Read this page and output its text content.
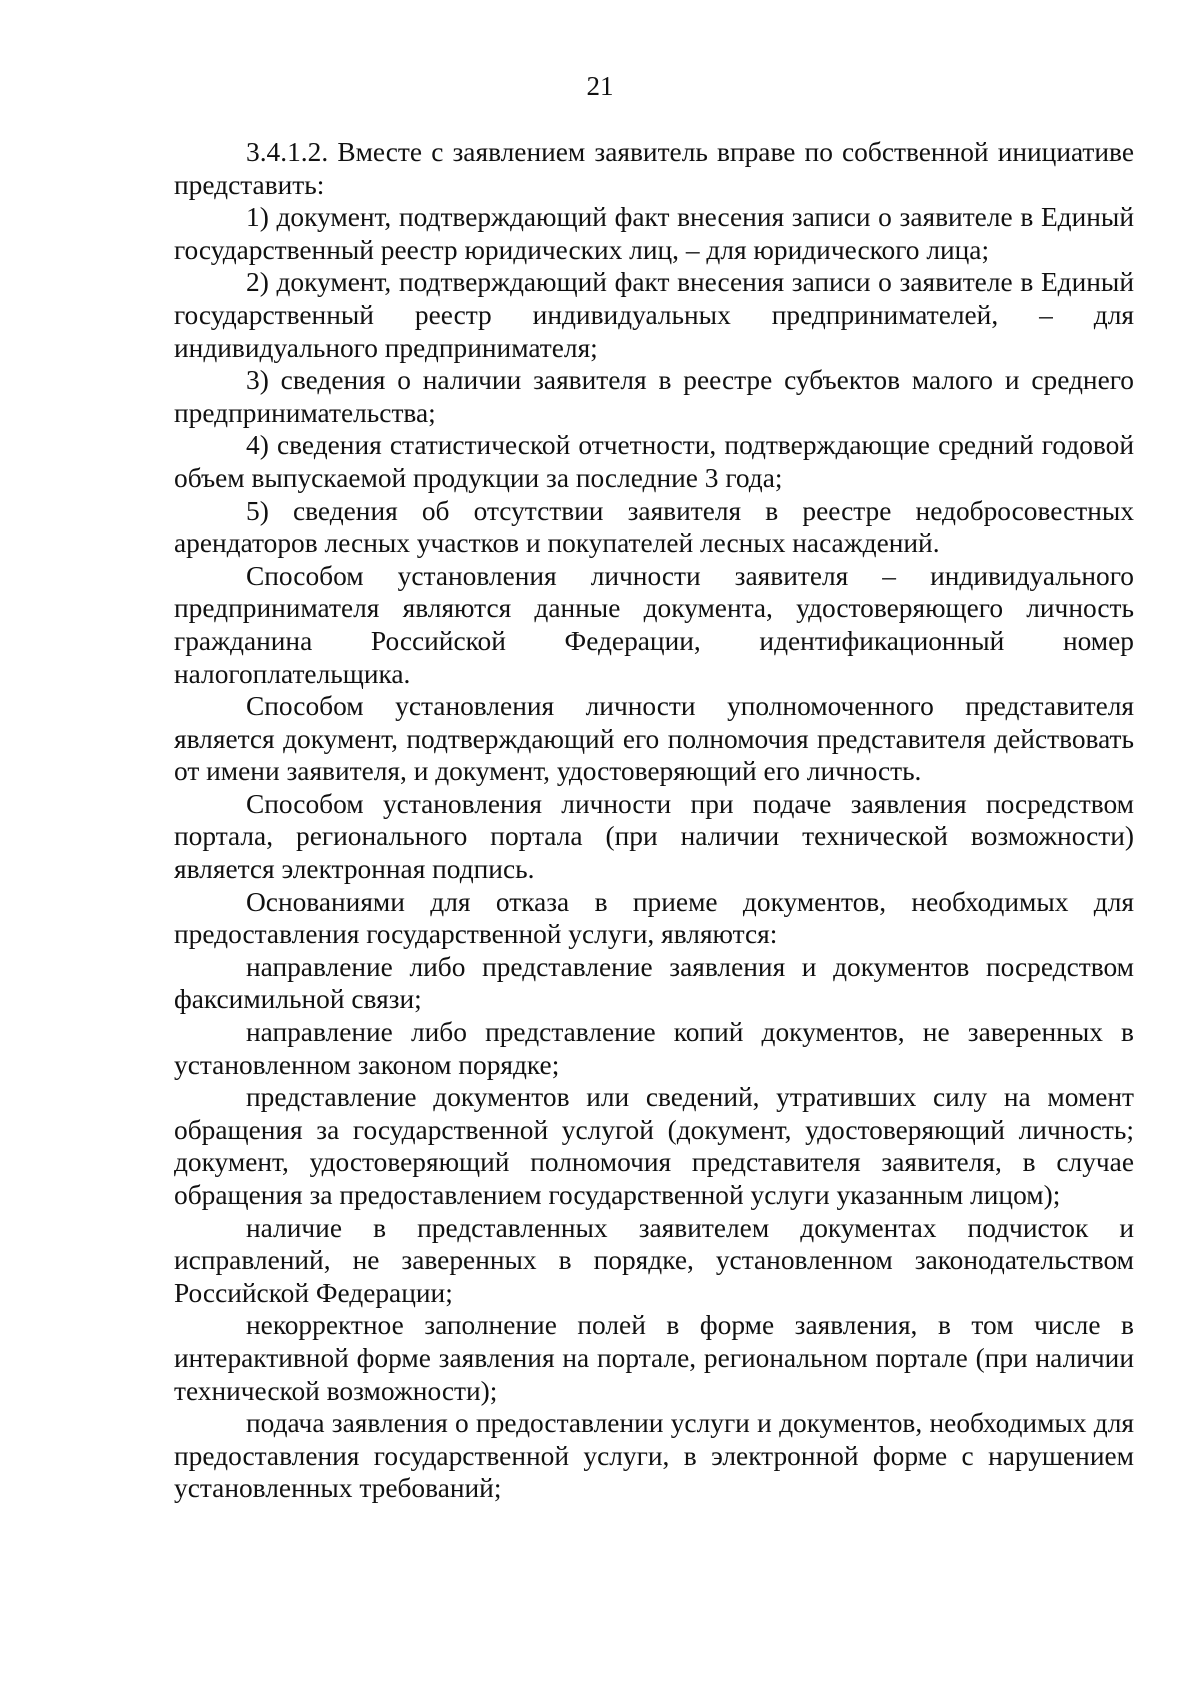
21

3.4.1.2. Вместе с заявлением заявитель вправе по собственной инициативе представить:

1) документ, подтверждающий факт внесения записи о заявителе в Единый государственный реестр юридических лиц, – для юридического лица;

2) документ, подтверждающий факт внесения записи о заявителе в Единый государственный реестр индивидуальных предпринимателей, – для индивидуального предпринимателя;

3) сведения о наличии заявителя в реестре субъектов малого и среднего предпринимательства;

4) сведения статистической отчетности, подтверждающие средний годовой объем выпускаемой продукции за последние 3 года;

5) сведения об отсутствии заявителя в реестре недобросовестных арендаторов лесных участков и покупателей лесных насаждений.

Способом установления личности заявителя – индивидуального предпринимателя являются данные документа, удостоверяющего личность гражданина Российской Федерации, идентификационный номер налогоплательщика.

Способом установления личности уполномоченного представителя является документ, подтверждающий его полномочия представителя действовать от имени заявителя, и документ, удостоверяющий его личность.

Способом установления личности при подаче заявления посредством портала, регионального портала (при наличии технической возможности) является электронная подпись.

Основаниями для отказа в приеме документов, необходимых для предоставления государственной услуги, являются:

направление либо представление заявления и документов посредством факсимильной связи;

направление либо представление копий документов, не заверенных в установленном законом порядке;

представление документов или сведений, утративших силу на момент обращения за государственной услугой (документ, удостоверяющий личность; документ, удостоверяющий полномочия представителя заявителя, в случае обращения за предоставлением государственной услуги указанным лицом);

наличие в представленных заявителем документах подчисток и исправлений, не заверенных в порядке, установленном законодательством Российской Федерации;

некорректное заполнение полей в форме заявления, в том числе в интерактивной форме заявления на портале, региональном портале (при наличии технической возможности);

подача заявления о предоставлении услуги и документов, необходимых для предоставления государственной услуги, в электронной форме с нарушением установленных требований;
